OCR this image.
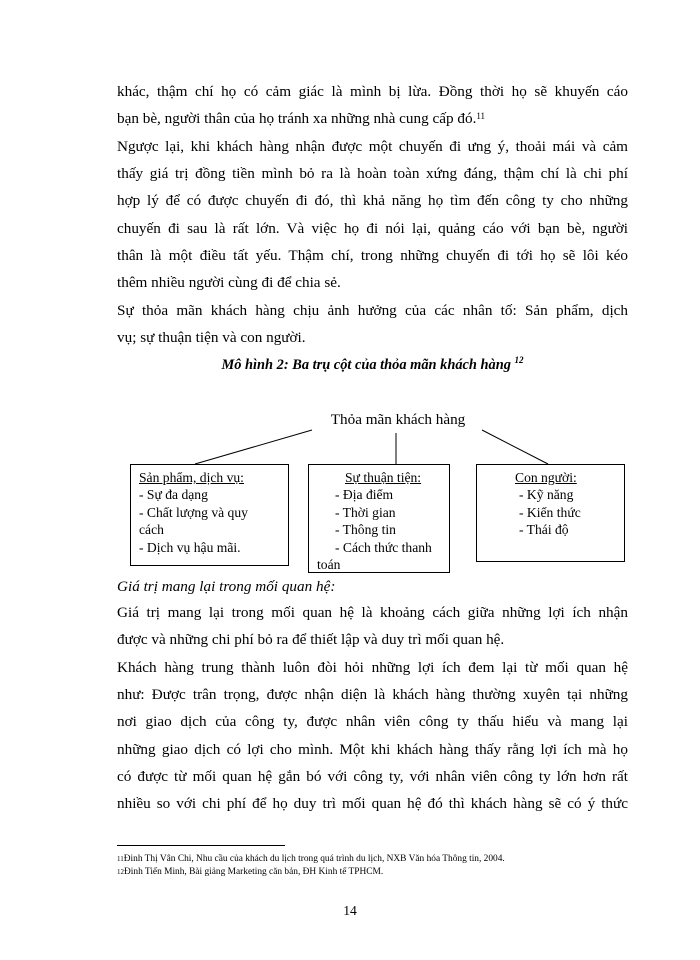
khác, thậm chí họ có cảm giác là mình bị lừa. Đồng thời họ sẽ khuyến cáo
bạn bè, người thân của họ tránh xa những nhà cung cấp đó.$^{11}$
Ngược lại, khi khách hàng nhận được một chuyến đi ưng ý, thoải mái và cảm
thấy giá trị đồng tiền mình bỏ ra là hoàn toàn xứng đáng, thậm chí là chi phí
hợp lý để có được chuyến đi đó, thì khả năng họ tìm đến công ty cho những
chuyến đi sau là rất lớn. Và việc họ đi nói lại, quảng cáo với bạn bè, người
thân là một điều tất yếu. Thậm chí, trong những chuyến đi tới họ sẽ lôi kéo
thêm nhiều người cùng đi để chia sẻ.
Sự thỏa mãn khách hàng chịu ảnh hưởng của các nhân tố: Sản phẩm, dịch
vụ; sự thuận tiện và con người.
Mô hình 2: Ba trụ cột của thỏa mãn khách hàng $^{12}$
Thỏa mãn khách hàng
Sản phẩm, dịch vụ:
- Sự đa dạng
- Chất lượng và quy
cách
- Dịch vụ hậu mãi.
Sự thuận tiện:
- Địa điểm
- Thời gian
- Thông tin
- Cách thức thanh
toán
Con người:
- Kỹ năng
- Kiến thức
- Thái độ
Giá trị mang lại trong mối quan hệ:
Giá trị mang lại trong mối quan hệ là khoảng cách giữa những lợi ích nhận
được và những chi phí bỏ ra để thiết lập và duy trì mối quan hệ.
Khách hàng trung thành luôn đòi hỏi những lợi ích đem lại từ mối quan hệ
như: Được trân trọng, được nhận diện là khách hàng thường xuyên tại những
nơi giao dịch của công ty, được nhân viên công ty thấu hiểu và mang lại
những giao dịch có lợi cho mình. Một khi khách hàng thấy rằng lợi ích mà họ
có được từ mối quan hệ gắn bó với công ty, với nhân viên công ty lớn hơn rất
nhiều so với chi phí để họ duy trì mối quan hệ đó thì khách hàng sẽ có ý thức
$^{11}$Đinh Thị Vân Chi, Nhu cầu của khách du lịch trong quá trình du lịch, NXB Văn hóa Thông tin, 2004.
$^{12}$Đinh Tiến Minh, Bài giảng Marketing căn bản, ĐH Kinh tế TPHCM.
14
